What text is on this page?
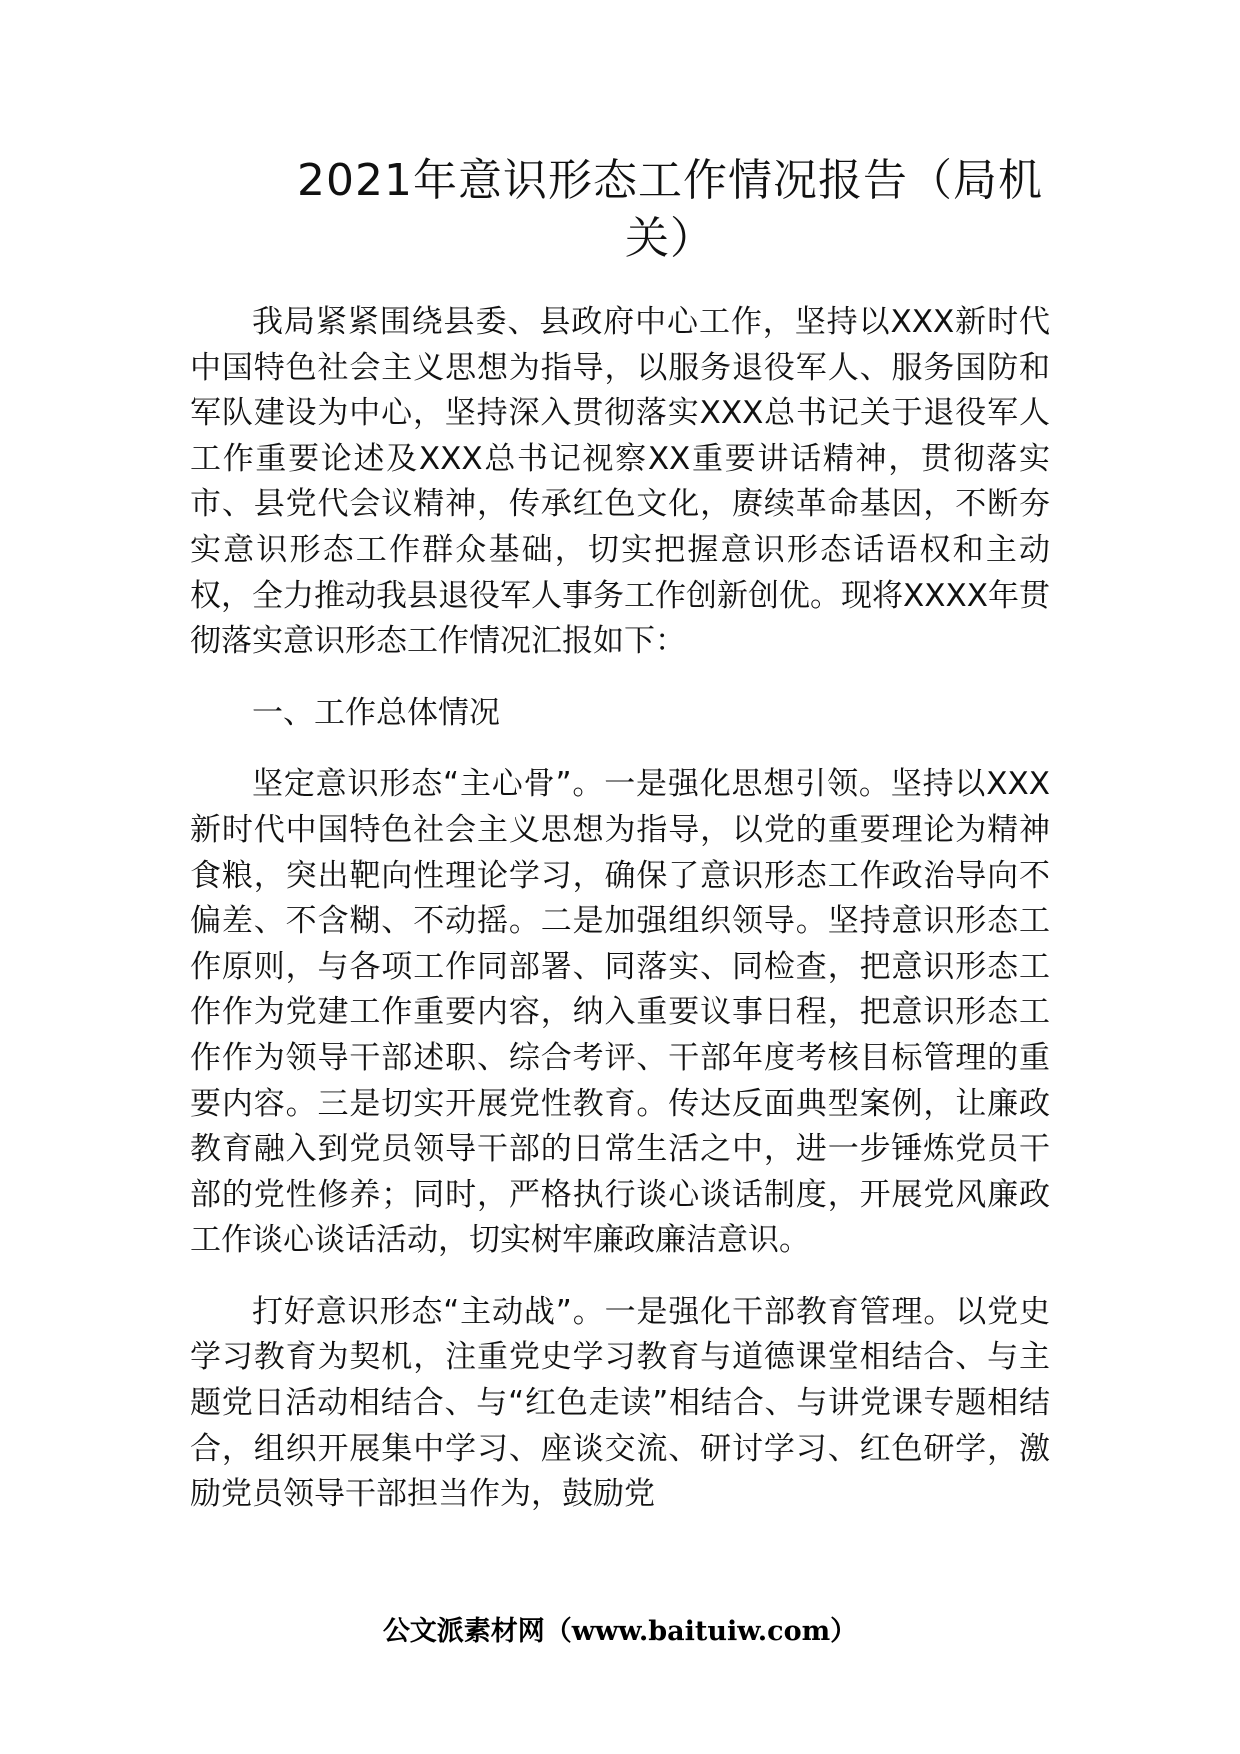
2021年意识形态工作情况报告（局机关）

我局紧紧围绕县委、县政府中心工作，坚持以XXX新时代中国特色社会主义思想为指导，以服务退役军人、服务国防和军队建设为中心，坚持深入贯彻落实XXX总书记关于退役军人工作重要论述及XXX总书记视察XX重要讲话精神，贯彻落实市、县党代会议精神，传承红色文化，赓续革命基因，不断夯实意识形态工作群众基础，切实把握意识形态话语权和主动权，全力推动我县退役军人事务工作创新创优。现将XXXX年贯彻落实意识形态工作情况汇报如下：

一、工作总体情况

坚定意识形态“主心骨”。一是强化思想引领。坚持以XXX新时代中国特色社会主义思想为指导，以党的重要理论为精神食粮，突出靶向性理论学习，确保了意识形态工作政治导向不偏差、不含糊、不动摇。二是加强组织领导。坚持意识形态工作原则，与各项工作同部署、同落实、同检查，把意识形态工作作为党建工作重要内容，纳入重要议事日程，把意识形态工作作为领导干部述职、综合考评、干部年度考核目标管理的重要内容。三是切实开展党性教育。传达反面典型案例，让廉政教育融入到党员领导干部的日常生活之中，进一步锤炼党员干部的党性修养；同时，严格执行谈心谈话制度，开展党风廉政工作谈心谈话活动，切实树牢廉政廉洁意识。

打好意识形态“主动战”。一是强化干部教育管理。以党史学习教育为契机，注重党史学习教育与道德课堂相结合、与主题党日活动相结合、与“红色走读”相结合、与讲党课专题相结合，组织开展集中学习、座谈交流、研讨学习、红色研学，激励党员领导干部担当作为，鼓励党

公文派素材网（www.baituiw.com）
